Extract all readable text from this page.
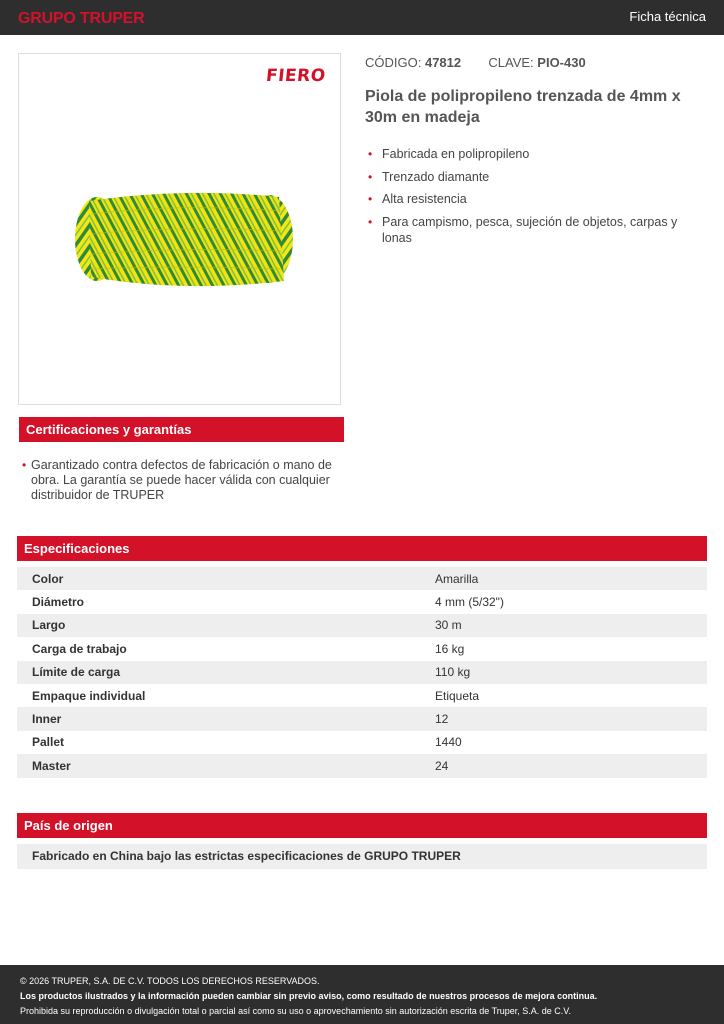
GRUPO TRUPER	Ficha técnica
FIERO
CÓDIGO: 47812 CLAVE: PIO-430
Piola de polipropileno trenzada de 4mm x 30m en madeja
• Fabricada en polipropileno
• Trenzado diamante
• Alta resistencia
• Para campismo, pesca, sujeción de objetos, carpas y lonas
Certificaciones y garantías
• Garantizado contra defectos de fabricación o mano de obra. La garantía se puede hacer válida con cualquier distribuidor de TRUPER
Especificaciones
Color	Amarilla
Diámetro	4 mm (5/32")
Largo	30 m
Carga de trabajo	16 kg
Límite de carga	110 kg
Empaque individual	Etiqueta
Inner	12
Pallet	1440
Master	24
País de origen
Fabricado en China bajo las estrictas especificaciones de GRUPO TRUPER

© 2026 TRUPER, S.A. DE C.V. TODOS LOS DERECHOS RESERVADOS.

Los productos ilustrados y la información pueden cambiar sin previo aviso, como resultado de nuestros procesos de mejora continua.

Prohibida su reproducción o divulgación total o parcial así como su uso o aprovechamiento sin autorización escrita de Truper, S.A. de C.V.
